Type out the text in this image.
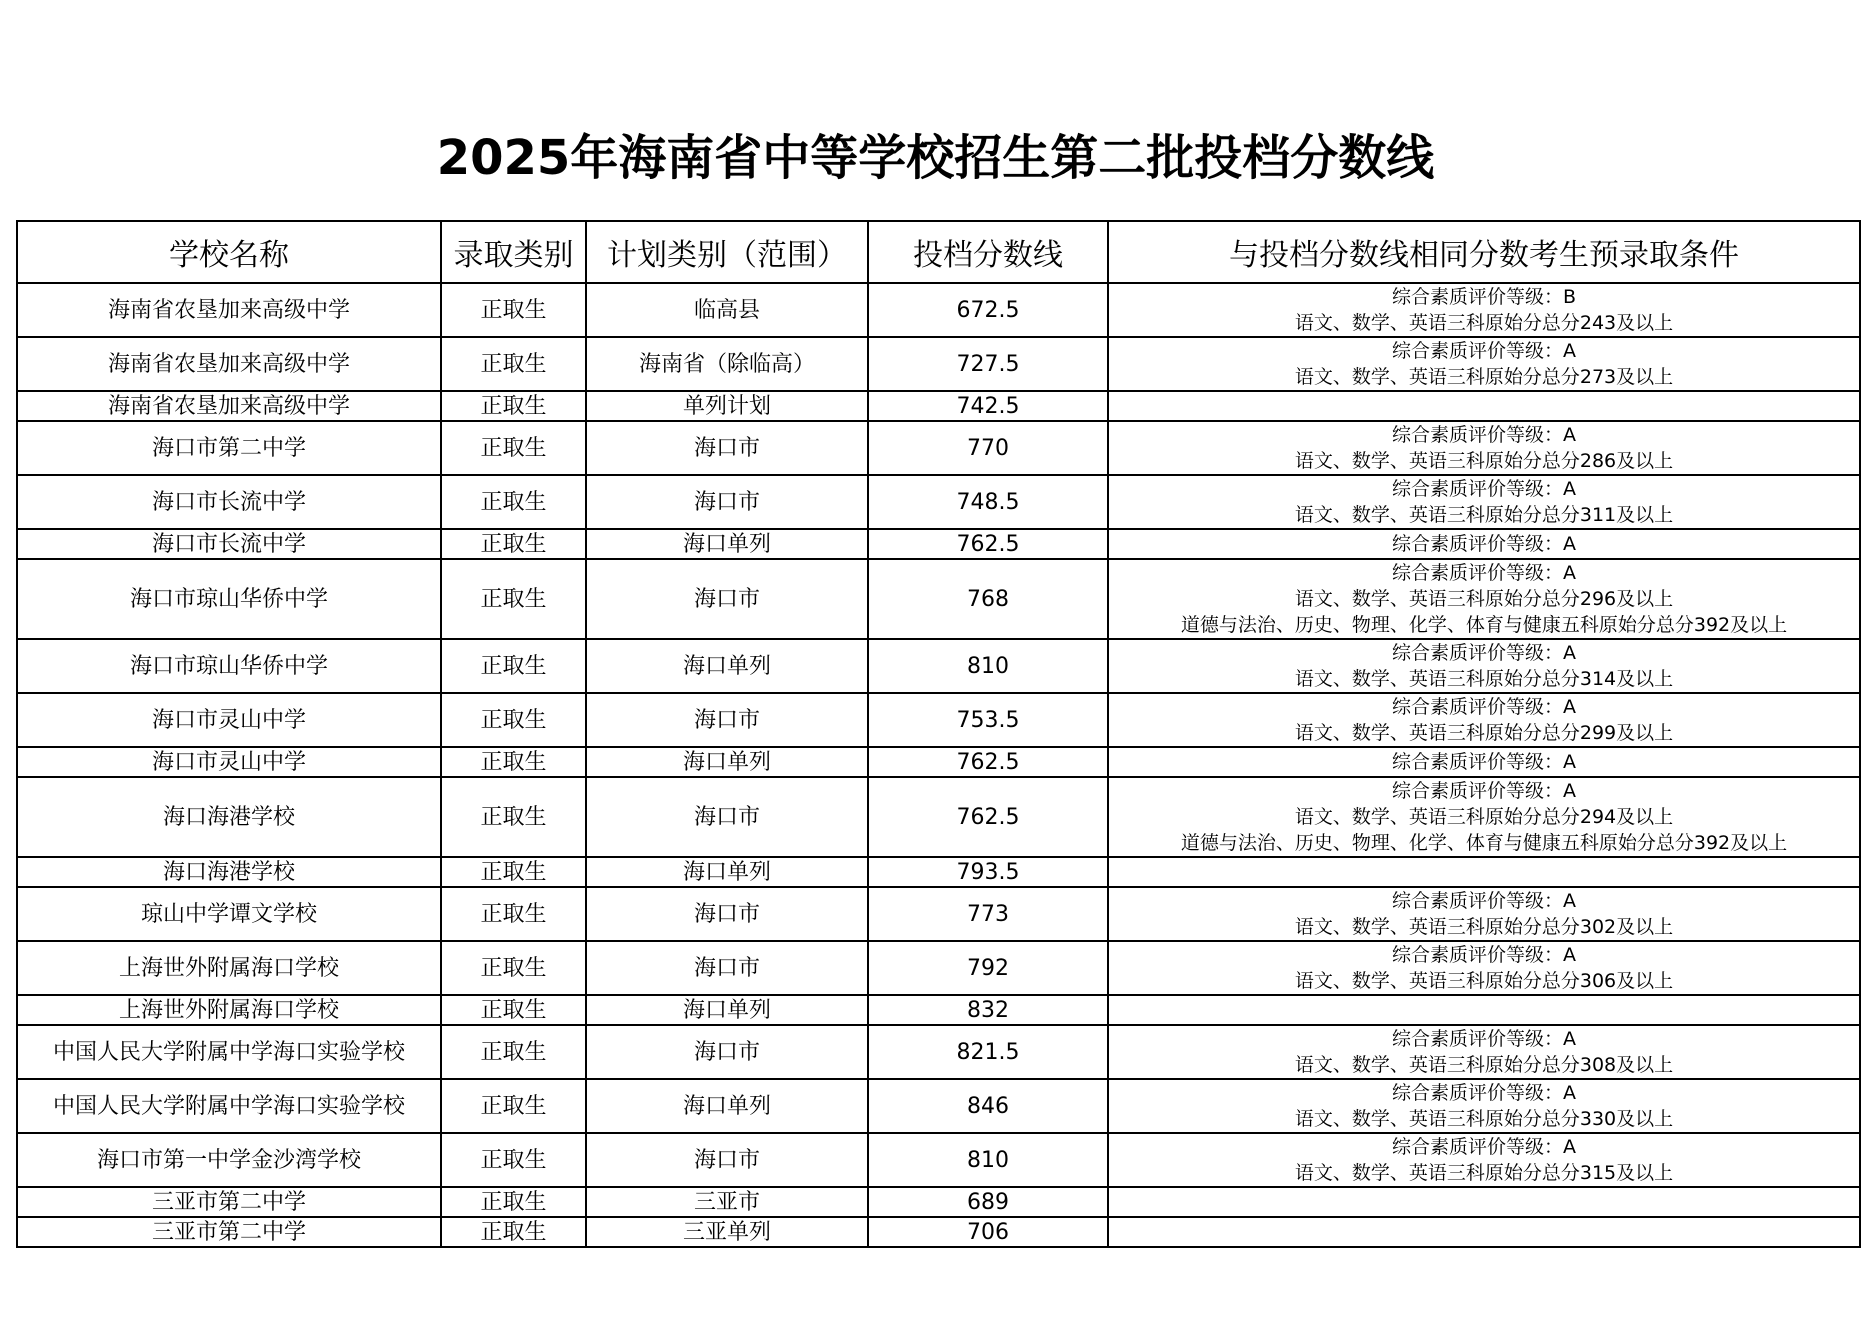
2025年海南省中等学校招生第二批投档分数线
学校名称	录取类别	计划类别（范围）	投档分数线	与投档分数线相同分数考生预录取条件
海南省农垦加来高级中学	正取生	临高县	672.5	综合素质评价等级：B
语文、数学、英语三科原始分总分243及以上

海南省农垦加来高级中学	正取生	海南省（除临高）	727.5	综合素质评价等级：A
语文、数学、英语三科原始分总分273及以上

海南省农垦加来高级中学	正取生	单列计划	742.5	
海口市第二中学	正取生	海口市	770	综合素质评价等级：A
语文、数学、英语三科原始分总分286及以上

海口市长流中学	正取生	海口市	748.5	综合素质评价等级：A
语文、数学、英语三科原始分总分311及以上

海口市长流中学	正取生	海口单列	762.5	综合素质评价等级：A

海口市琼山华侨中学	正取生	海口市	768	综合素质评价等级：A
语文、数学、英语三科原始分总分296及以上
道德与法治、历史、物理、化学、体育与健康五科原始分总分392及以上

海口市琼山华侨中学	正取生	海口单列	810	综合素质评价等级：A
语文、数学、英语三科原始分总分314及以上

海口市灵山中学	正取生	海口市	753.5	综合素质评价等级：A
语文、数学、英语三科原始分总分299及以上

海口市灵山中学	正取生	海口单列	762.5	综合素质评价等级：A

海口海港学校	正取生	海口市	762.5	综合素质评价等级：A
语文、数学、英语三科原始分总分294及以上
道德与法治、历史、物理、化学、体育与健康五科原始分总分392及以上

海口海港学校	正取生	海口单列	793.5	
琼山中学谭文学校	正取生	海口市	773	综合素质评价等级：A
语文、数学、英语三科原始分总分302及以上

上海世外附属海口学校	正取生	海口市	792	综合素质评价等级：A
语文、数学、英语三科原始分总分306及以上

上海世外附属海口学校	正取生	海口单列	832	
中国人民大学附属中学海口实验学校	正取生	海口市	821.5	综合素质评价等级：A
语文、数学、英语三科原始分总分308及以上

中国人民大学附属中学海口实验学校	正取生	海口单列	846	综合素质评价等级：A
语文、数学、英语三科原始分总分330及以上

海口市第一中学金沙湾学校	正取生	海口市	810	综合素质评价等级：A
语文、数学、英语三科原始分总分315及以上

三亚市第二中学	正取生	三亚市	689	
三亚市第二中学	正取生	三亚单列	706	
